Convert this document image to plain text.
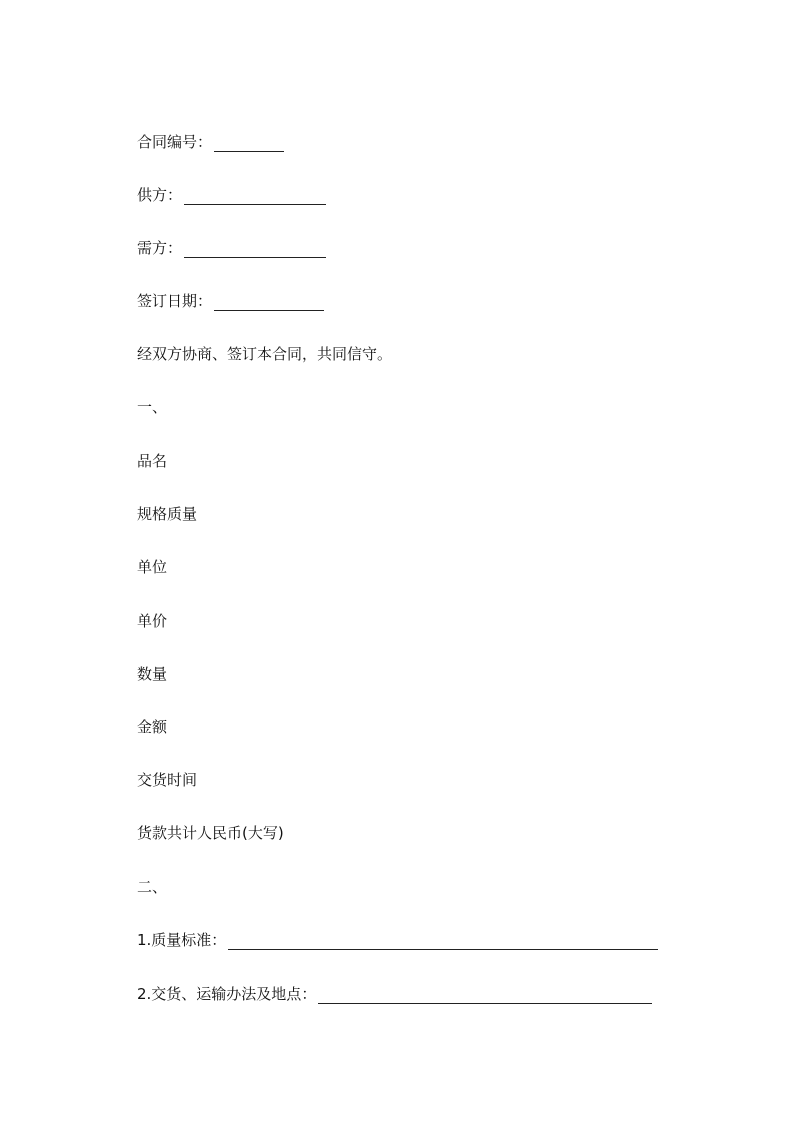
合同编号：
供方：
需方：
签订日期：
经双方协商、签订本合同，共同信守。
一、
品名
规格质量
单位
单价
数量
金额
交货时间
货款共计人民币(大写)
二、
1.质量标准：
2.交货、运输办法及地点：
